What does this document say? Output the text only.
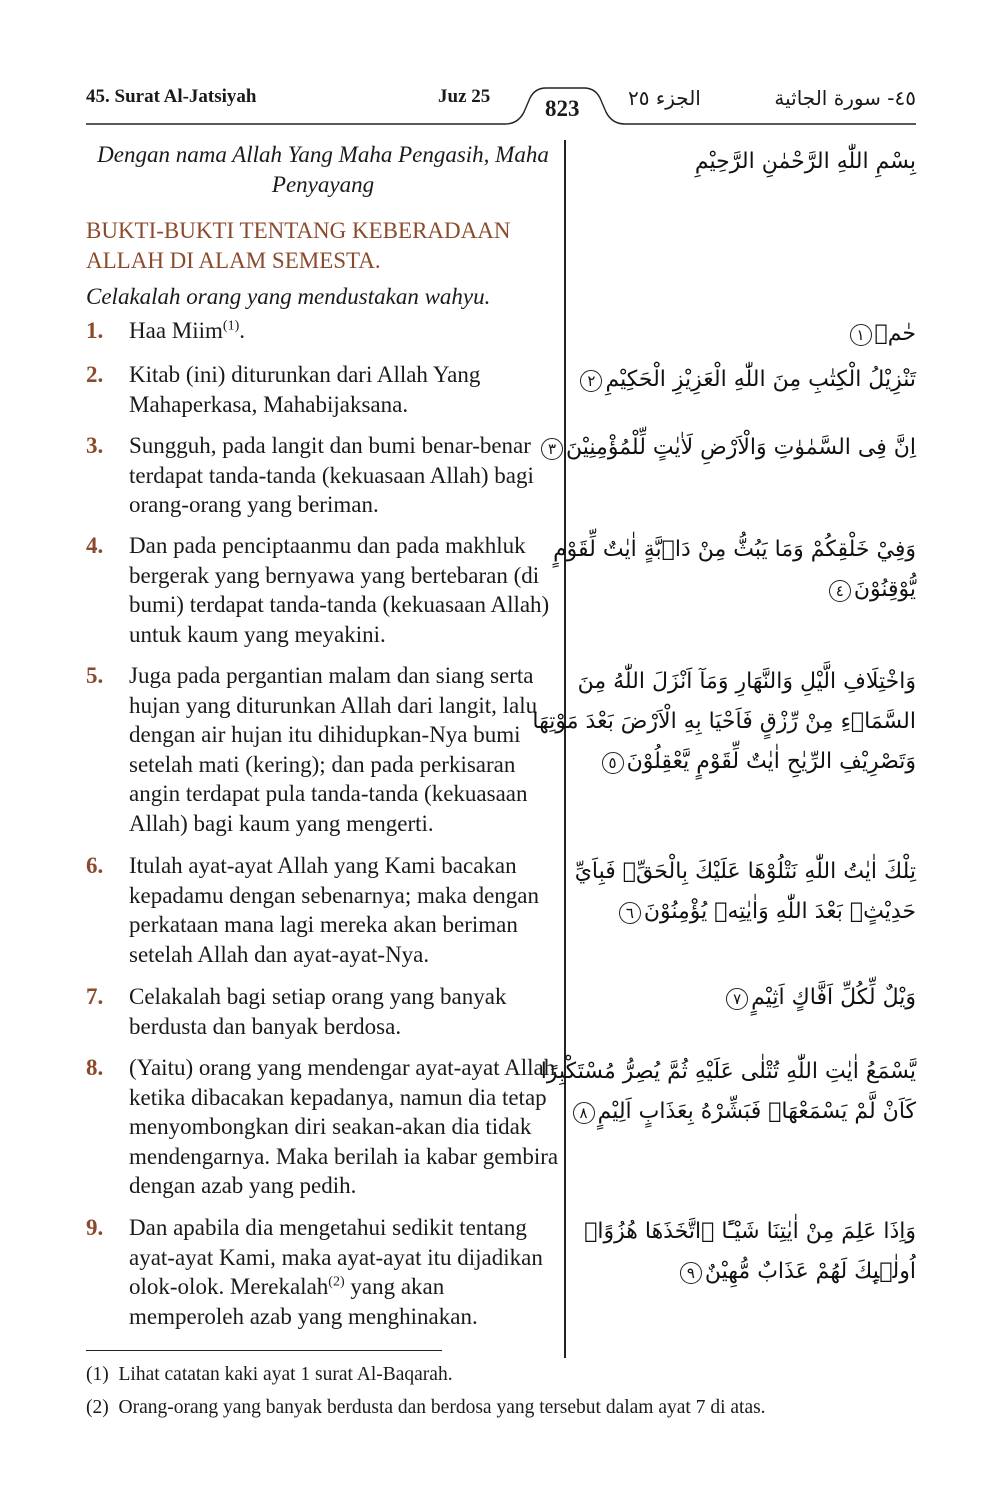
45. Surat Al-Jatsiyah	Juz 25	الجزء ٢٥	٤٥- سورة الجاثية
823
Dengan nama Allah Yang Maha Pengasih, Maha Penyayang
BUKTI-BUKTI TENTANG KEBERADAAN ALLAH DI ALAM SEMESTA.
Celakalah orang yang mendustakan wahyu.
1. Haa Miim$^{(1)}$.
2. Kitab (ini) diturunkan dari Allah Yang Mahaperkasa, Mahabijaksana.
3. Sungguh, pada langit dan bumi benar-benar terdapat tanda-tanda (kekuasaan Allah) bagi orang-orang yang beriman.
4. Dan pada penciptaanmu dan pada makhluk bergerak yang bernyawa yang bertebaran (di bumi) terdapat tanda-tanda (kekuasaan Allah) untuk kaum yang meyakini.
5. Juga pada pergantian malam dan siang serta hujan yang diturunkan Allah dari langit, lalu dengan air hujan itu dihidupkan-Nya bumi setelah mati (kering); dan pada perkisaran angin terdapat pula tanda-tanda (kekuasaan Allah) bagi kaum yang mengerti.
6. Itulah ayat-ayat Allah yang Kami bacakan kepadamu dengan sebenarnya; maka dengan perkataan mana lagi mereka akan beriman setelah Allah dan ayat-ayat-Nya.
7. Celakalah bagi setiap orang yang banyak berdusta dan banyak berdosa.
8. (Yaitu) orang yang mendengar ayat-ayat Allah ketika dibacakan kepadanya, namun dia tetap menyombongkan diri seakan-akan dia tidak mendengarnya. Maka berilah ia kabar gembira dengan azab yang pedih.
9. Dan apabila dia mengetahui sedikit tentang ayat-ayat Kami, maka ayat-ayat itu dijadikan olok-olok. Merekalah$^{(2)}$ yang akan memperoleh azab yang menghinakan.
بِسْمِ اللّٰهِ الرَّحْمٰنِ الرَّحِيْمِ
حٰمۤ١
تَنْزِيْلُ الْكِتٰبِ مِنَ اللّٰهِ الْعَزِيْزِ الْحَكِيْمِ٢
اِنَّ فِى السَّمٰوٰتِ وَالْاَرْضِ لَاٰيٰتٍ لِّلْمُؤْمِنِيْنَ٣
وَفِيْ خَلْقِكُمْ وَمَا يَبُثُّ مِنْ دَاۤبَّةٍ اٰيٰتٌ لِّقَوْمٍ يُّوْقِنُوْنَ٤
وَاخْتِلَافِ الَّيْلِ وَالنَّهَارِ وَمَآ اَنْزَلَ اللّٰهُ مِنَ السَّمَاۤءِ مِنْ رِّزْقٍ فَاَحْيَا بِهِ الْاَرْضَ بَعْدَ مَوْتِهَا وَتَصْرِيْفِ الرِّيٰحِ اٰيٰتٌ لِّقَوْمٍ يَّعْقِلُوْنَ٥
تِلْكَ اٰيٰتُ اللّٰهِ نَتْلُوْهَا عَلَيْكَ بِالْحَقِّۚ فَبِاَيِّ حَدِيْثٍۢ بَعْدَ اللّٰهِ وَاٰيٰتِهٖ يُؤْمِنُوْنَ٦
وَيْلٌ لِّكُلِّ اَفَّاكٍ اَثِيْمٍ٧
يَّسْمَعُ اٰيٰتِ اللّٰهِ تُتْلٰى عَلَيْهِ ثُمَّ يُصِرُّ مُسْتَكْبِرًا كَاَنْ لَّمْ يَسْمَعْهَاۚ فَبَشِّرْهُ بِعَذَابٍ اَلِيْمٍ٨
وَاِذَا عَلِمَ مِنْ اٰيٰتِنَا شَيْـًٔا ۨاتَّخَذَهَا هُزُوًاۗ اُولٰۤىِٕكَ لَهُمْ عَذَابٌ مُّهِيْنٌ٩
(1) Lihat catatan kaki ayat 1 surat Al-Baqarah.
(2) Orang-orang yang banyak berdusta dan berdosa yang tersebut dalam ayat 7 di atas.
